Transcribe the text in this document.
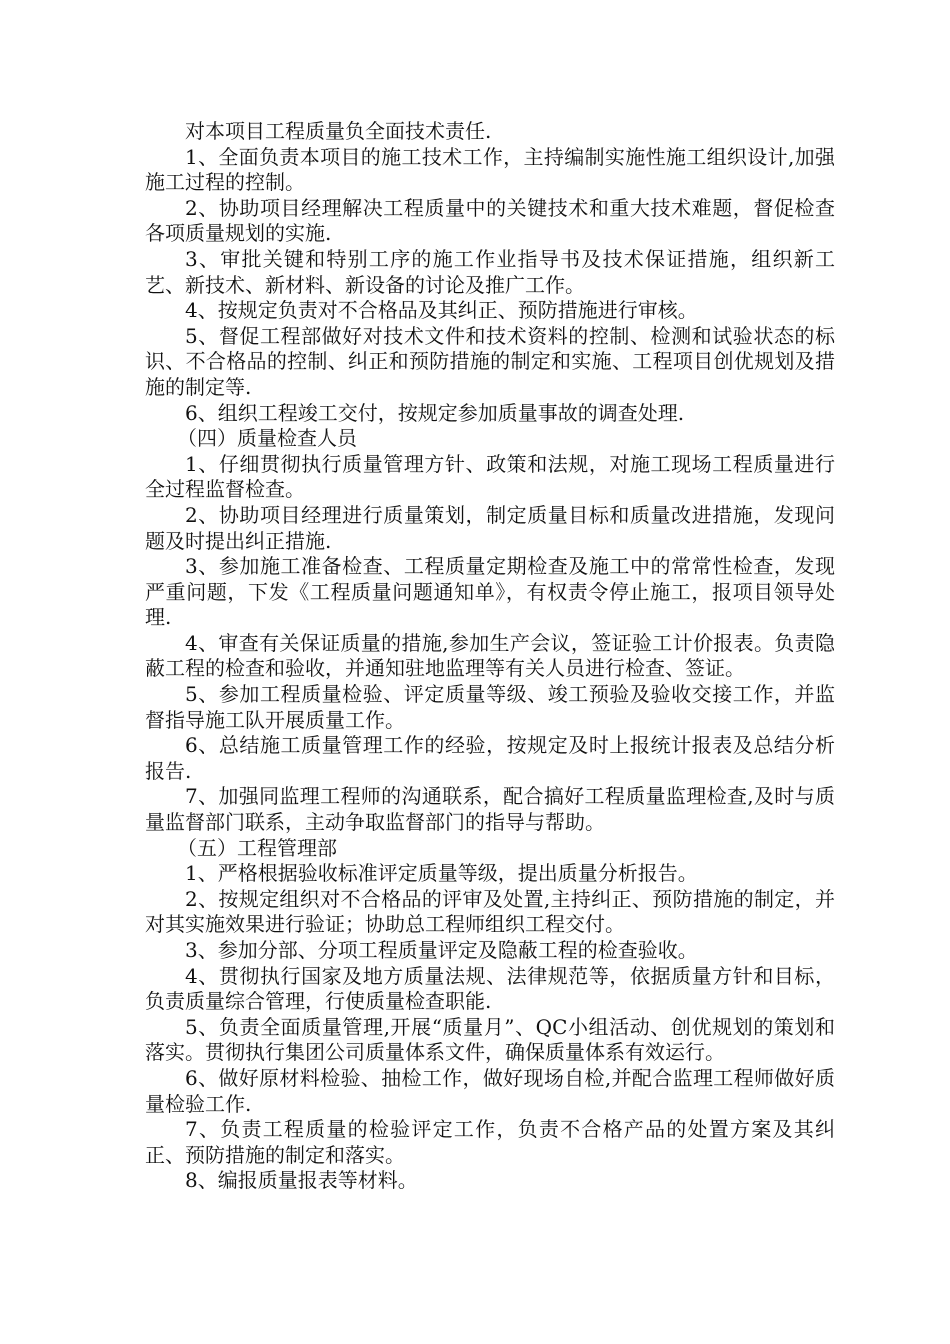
对本项目工程质量负全面技术责任.

1、全面负责本项目的施工技术工作，主持编制实施性施工组织设计,加强施工过程的控制。

2、协助项目经理解决工程质量中的关键技术和重大技术难题，督促检查各项质量规划的实施.

3、审批关键和特别工序的施工作业指导书及技术保证措施，组织新工艺、新技术、新材料、新设备的讨论及推广工作。

4、按规定负责对不合格品及其纠正、预防措施进行审核。

5、督促工程部做好对技术文件和技术资料的控制、检测和试验状态的标识、不合格品的控制、纠正和预防措施的制定和实施、工程项目创优规划及措施的制定等.

6、组织工程竣工交付，按规定参加质量事故的调查处理.

（四）质量检查人员

1、仔细贯彻执行质量管理方针、政策和法规，对施工现场工程质量进行全过程监督检查。

2、协助项目经理进行质量策划，制定质量目标和质量改进措施，发现问题及时提出纠正措施.

3、参加施工准备检查、工程质量定期检查及施工中的常常性检查，发现严重问题，下发《工程质量问题通知单》，有权责令停止施工，报项目领导处理.

4、审查有关保证质量的措施,参加生产会议，签证验工计价报表。负责隐蔽工程的检查和验收，并通知驻地监理等有关人员进行检查、签证。

5、参加工程质量检验、评定质量等级、竣工预验及验收交接工作，并监督指导施工队开展质量工作。

6、总结施工质量管理工作的经验，按规定及时上报统计报表及总结分析报告.

7、加强同监理工程师的沟通联系，配合搞好工程质量监理检查,及时与质量监督部门联系，主动争取监督部门的指导与帮助。

（五）工程管理部

1、严格根据验收标准评定质量等级，提出质量分析报告。

2、按规定组织对不合格品的评审及处置,主持纠正、预防措施的制定，并对其实施效果进行验证；协助总工程师组织工程交付。

3、参加分部、分项工程质量评定及隐蔽工程的检查验收。

4、贯彻执行国家及地方质量法规、法律规范等，依据质量方针和目标，负责质量综合管理，行使质量检查职能.

5、负责全面质量管理,开展“质量月”、QC小组活动、创优规划的策划和落实。贯彻执行集团公司质量体系文件，确保质量体系有效运行。

6、做好原材料检验、抽检工作，做好现场自检,并配合监理工程师做好质量检验工作.

7、负责工程质量的检验评定工作，负责不合格产品的处置方案及其纠正、预防措施的制定和落实。

8、编报质量报表等材料。
